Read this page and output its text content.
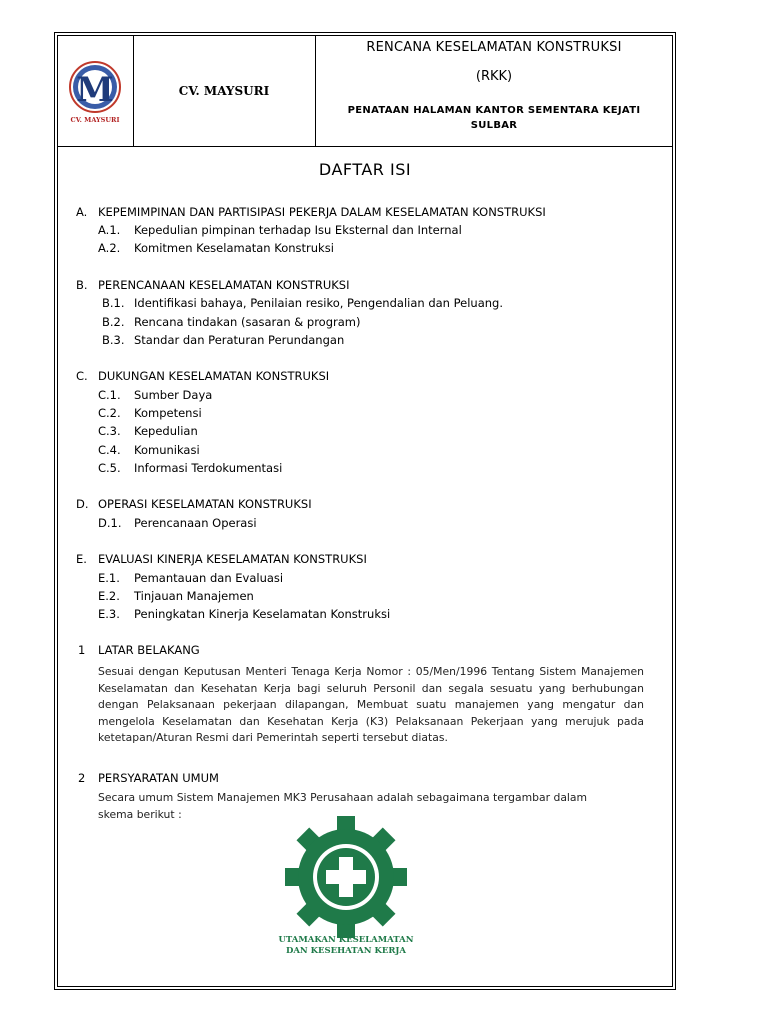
M
CV. MAYSURI
CV. MAYSURI
RENCANA KESELAMATAN KONSTRUKSI
(RKK)
PENATAAN HALAMAN KANTOR SEMENTARA KEJATI SULBAR
DAFTAR ISI
A. KEPEMIMPINAN DAN PARTISIPASI PEKERJA DALAM KESELAMATAN KONSTRUKSI
A.1. Kepedulian pimpinan terhadap Isu Eksternal dan Internal
A.2. Komitmen Keselamatan Konstruksi
B. PERENCANAAN KESELAMATAN KONSTRUKSI
B.1. Identifikasi bahaya, Penilaian resiko, Pengendalian dan Peluang.
B.2. Rencana tindakan (sasaran & program)
B.3. Standar dan Peraturan Perundangan
C. DUKUNGAN KESELAMATAN KONSTRUKSI
C.1. Sumber Daya
C.2. Kompetensi
C.3. Kepedulian
C.4. Komunikasi
C.5. Informasi Terdokumentasi
D. OPERASI KESELAMATAN KONSTRUKSI
D.1. Perencanaan Operasi
E. EVALUASI KINERJA KESELAMATAN KONSTRUKSI
E.1. Pemantauan dan Evaluasi
E.2. Tinjauan Manajemen
E.3. Peningkatan Kinerja Keselamatan Konstruksi
1 LATAR BELAKANG
Sesuai dengan Keputusan Menteri Tenaga Kerja Nomor : 05/Men/1996 Tentang Sistem Manajemen Keselamatan dan Kesehatan Kerja bagi seluruh Personil dan segala sesuatu yang berhubungan dengan Pelaksanaan pekerjaan dilapangan, Membuat suatu manajemen yang mengatur dan mengelola Keselamatan dan Kesehatan Kerja (K3) Pelaksanaan Pekerjaan yang merujuk pada ketetapan/Aturan Resmi dari Pemerintah seperti tersebut diatas.
2 PERSYARATAN UMUM
Secara umum Sistem Manajemen MK3 Perusahaan adalah sebagaimana tergambar dalam skema berikut :
UTAMAKAN KESELAMATAN
DAN KESEHATAN KERJA
